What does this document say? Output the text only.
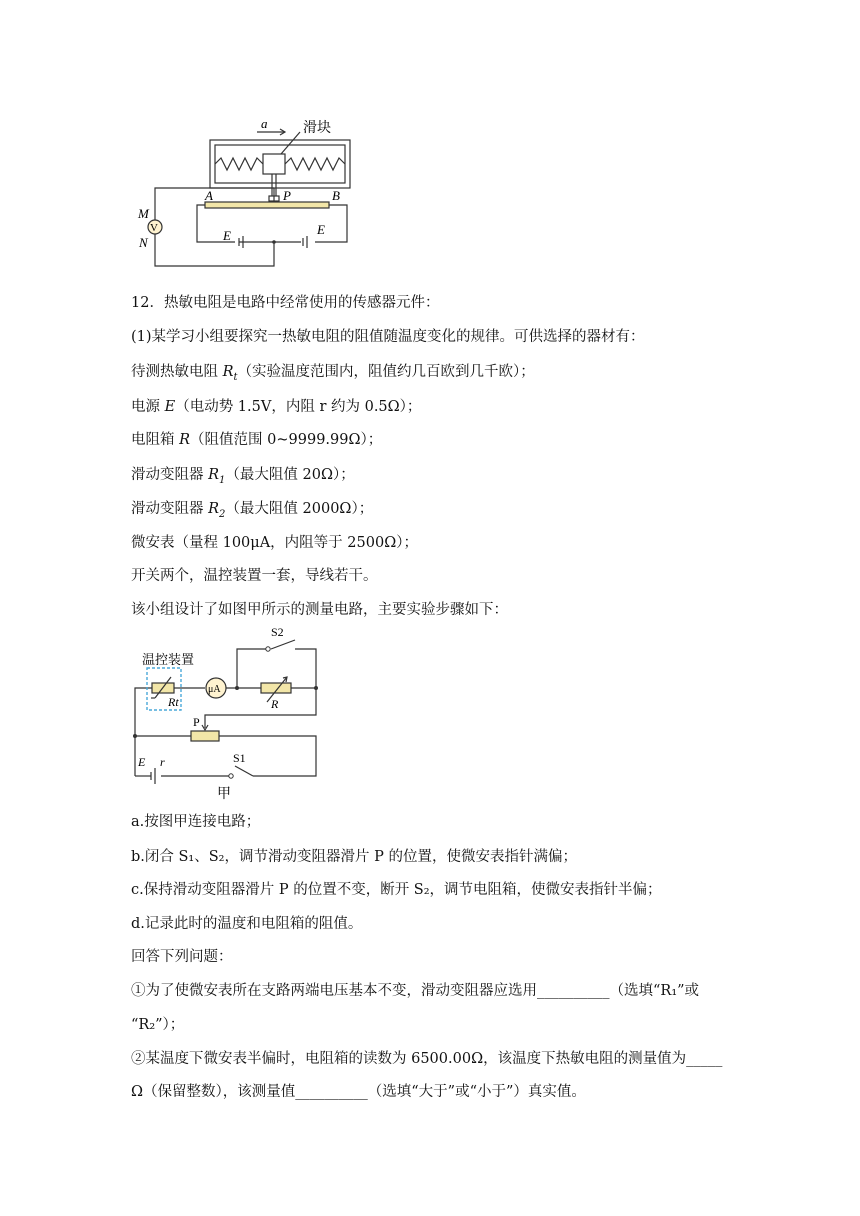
a	滑块
P
A	B
M
N
V	E	E
12．热敏电阻是电路中经常使用的传感器元件：
(1)某学习小组要探究一热敏电阻的阻值随温度变化的规律。可供选择的器材有：
待测热敏电阻 $R_t$（实验温度范围内，阻值约几百欧到几千欧）；
电源 E（电动势 1.5V，内阻 r 约为 0.5Ω）；
电阻箱 R（阻值范围 0~9999.99Ω）；
滑动变阻器 $R_1$（最大阻值 20Ω）；
滑动变阻器 $R_2$（最大阻值 2000Ω）；
微安表（量程 100μA，内阻等于 2500Ω）；
开关两个，温控装置一套，导线若干。
该小组设计了如图甲所示的测量电路，主要实验步骤如下：
温控装置
Rt
μA
R
S2
P
E r	S1
甲
a.按图甲连接电路；
b.闭合 S₁、S₂，调节滑动变阻器滑片 P 的位置，使微安表指针满偏；
c.保持滑动变阻器滑片 P 的位置不变，断开 S₂，调节电阻箱，使微安表指针半偏；
d.记录此时的温度和电阻箱的阻值。
回答下列问题：
①为了使微安表所在支路两端电压基本不变，滑动变阻器应选用__________（选填“R₁”或
“R₂”）；
②某温度下微安表半偏时，电阻箱的读数为 6500.00Ω，该温度下热敏电阻的测量值为_____
Ω（保留整数），该测量值__________（选填“大于”或“小于”）真实值。
